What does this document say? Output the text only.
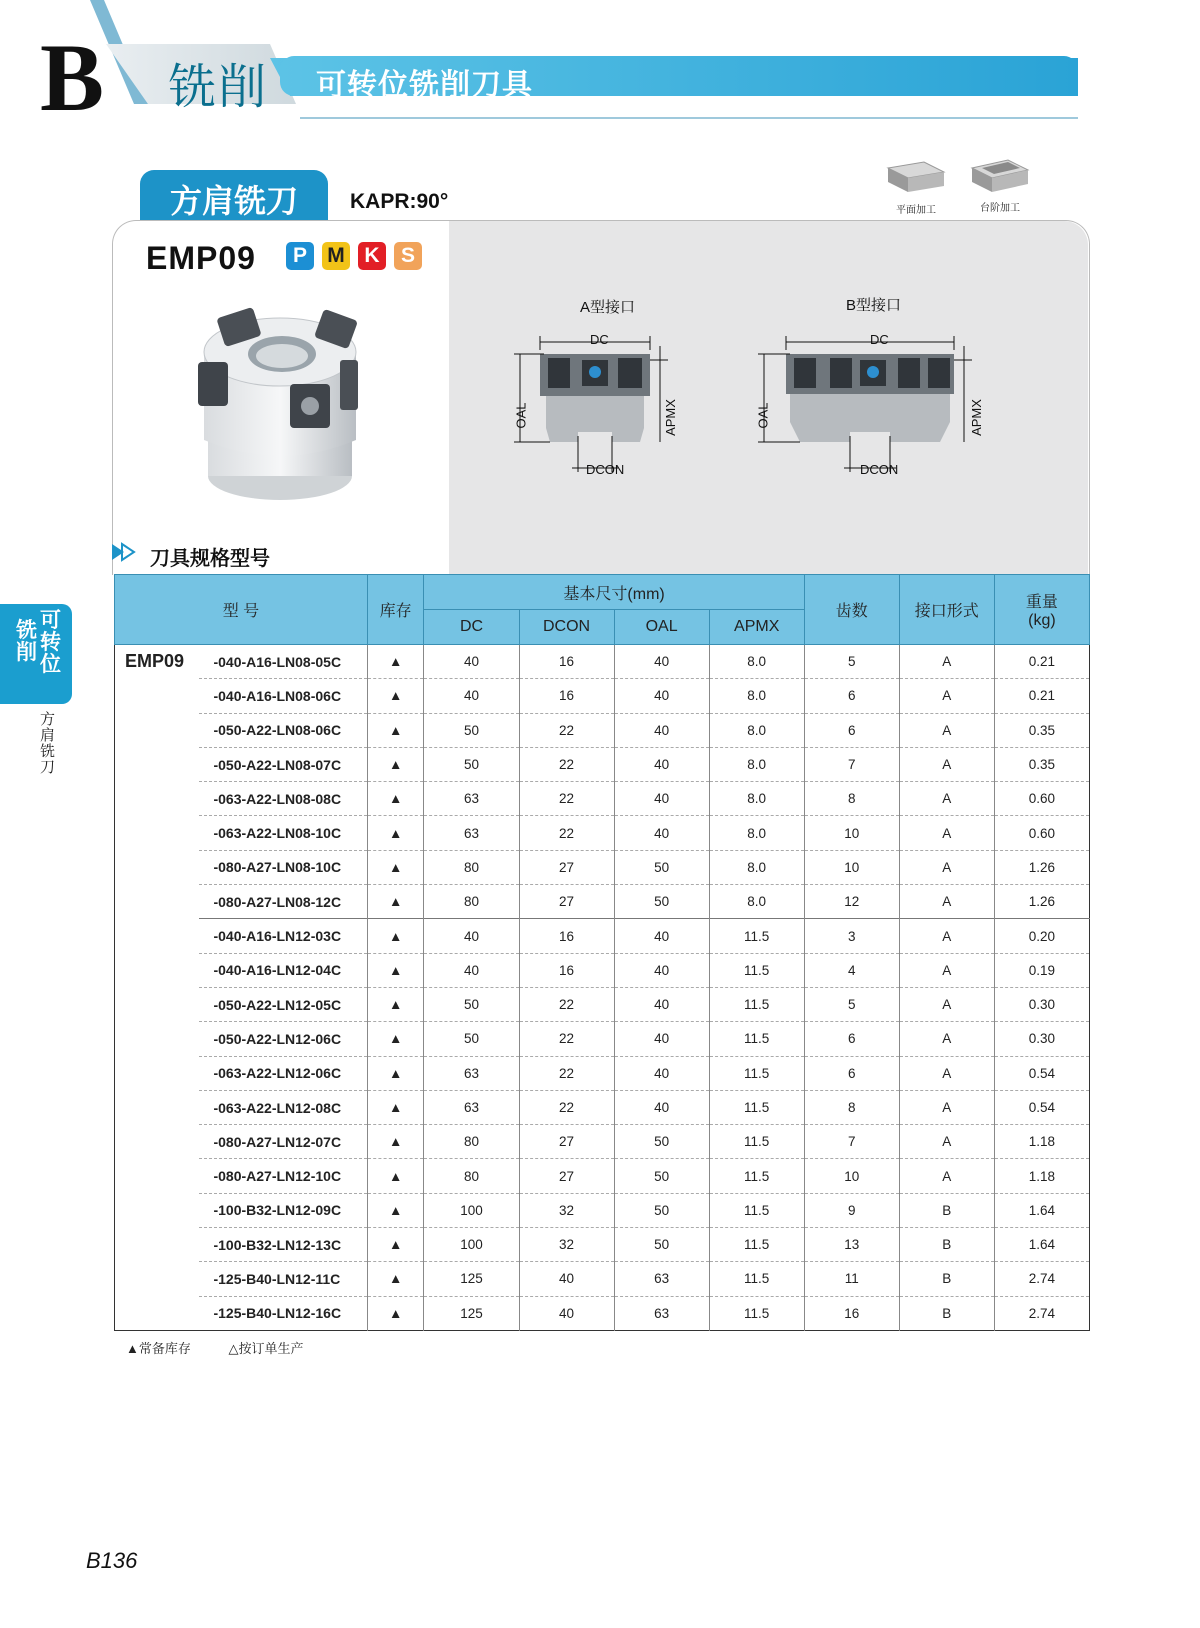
B 铣削 可转位铣削刀具
方肩铣刀 KAPR:90°	平面加工	台阶加工
EMP09	P M K	S
A型接口	B型接口
DC
OAL	APMX
DCON
DC
OAL	APMX
DCON
刀具规格型号
型 号		库存	基本尺寸(mm)				齿数	接口形式	重量
(kg)

			DC	DCON	OAL	APMX			
EMP09	-040-A16-LN08-05C	▲	40	16	40	8.0	5	A	0.21
	-040-A16-LN08-06C	▲	40	16	40	8.0	6	A	0.21
	-050-A22-LN08-06C	▲	50	22	40	8.0	6	A	0.35
	-050-A22-LN08-07C	▲	50	22	40	8.0	7	A	0.35
	-063-A22-LN08-08C	▲	63	22	40	8.0	8	A	0.60
	-063-A22-LN08-10C	▲	63	22	40	8.0	10	A	0.60
	-080-A27-LN08-10C	▲	80	27	50	8.0	10	A	1.26
	-080-A27-LN08-12C	▲	80	27	50	8.0	12	A	1.26
	-040-A16-LN12-03C	▲	40	16	40	11.5	3	A	0.20
	-040-A16-LN12-04C	▲	40	16	40	11.5	4	A	0.19
	-050-A22-LN12-05C	▲	50	22	40	11.5	5	A	0.30
	-050-A22-LN12-06C	▲	50	22	40	11.5	6	A	0.30
	-063-A22-LN12-06C	▲	63	22	40	11.5	6	A	0.54
	-063-A22-LN12-08C	▲	63	22	40	11.5	8	A	0.54
	-080-A27-LN12-07C	▲	80	27	50	11.5	7	A	1.18
	-080-A27-LN12-10C	▲	80	27	50	11.5	10	A	1.18
	-100-B32-LN12-09C	▲	100	32	50	11.5	9	B	1.64
	-100-B32-LN12-13C	▲	100	32	50	11.5	13	B	1.64
	-125-B40-LN12-11C	▲	125	40	63	11.5	11	B	2.74
	-125-B40-LN12-16C	▲	125	40	63	11.5	16	B	2.74
▲常备库存	△按订单生产
可转位
铣削
方肩铣刀
B136
